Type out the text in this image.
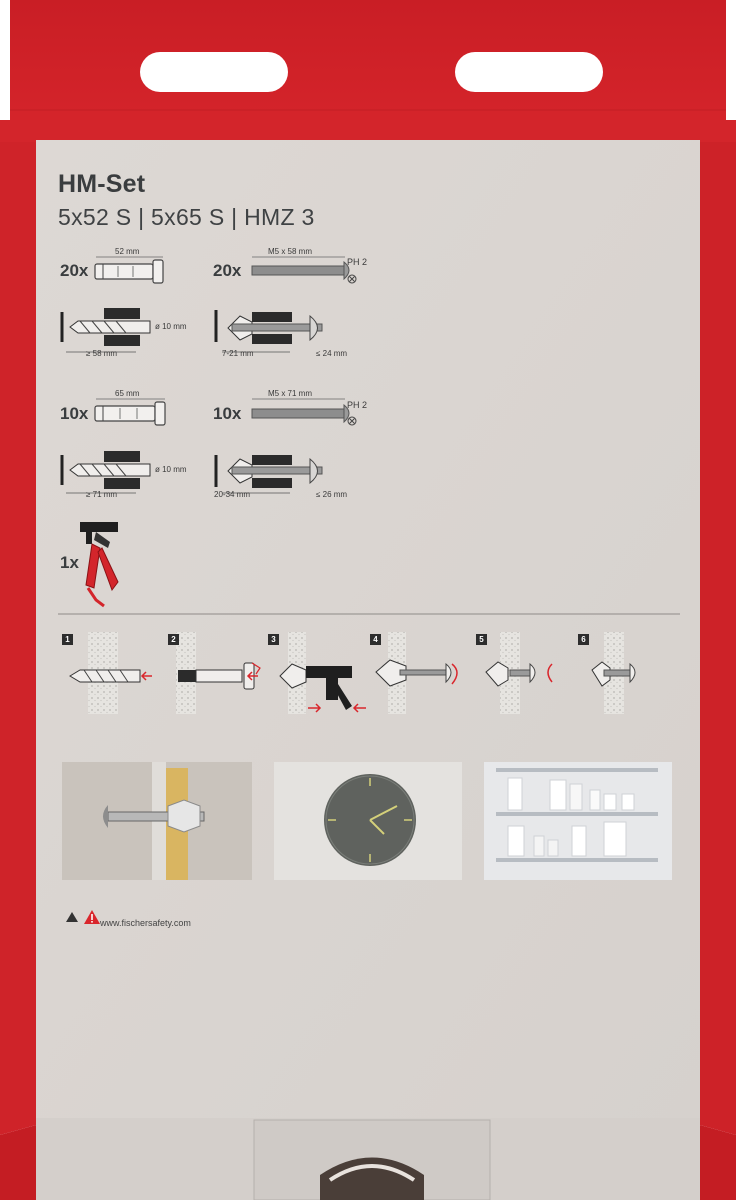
HM-Set
5x52 S | 5x65 S | HMZ 3
20x
52 mm
20x
M5 x 58 mm
PH 2
ø 10 mm
≥ 58 mm	7-21 mm	≤ 24 mm
10x
65 mm
10x
M5 x 71 mm
PH 2
ø 10 mm
≥ 71 mm	20-34 mm	≤ 26 mm
1x
1	2	3	4	5	6
www.fischersafety.com
